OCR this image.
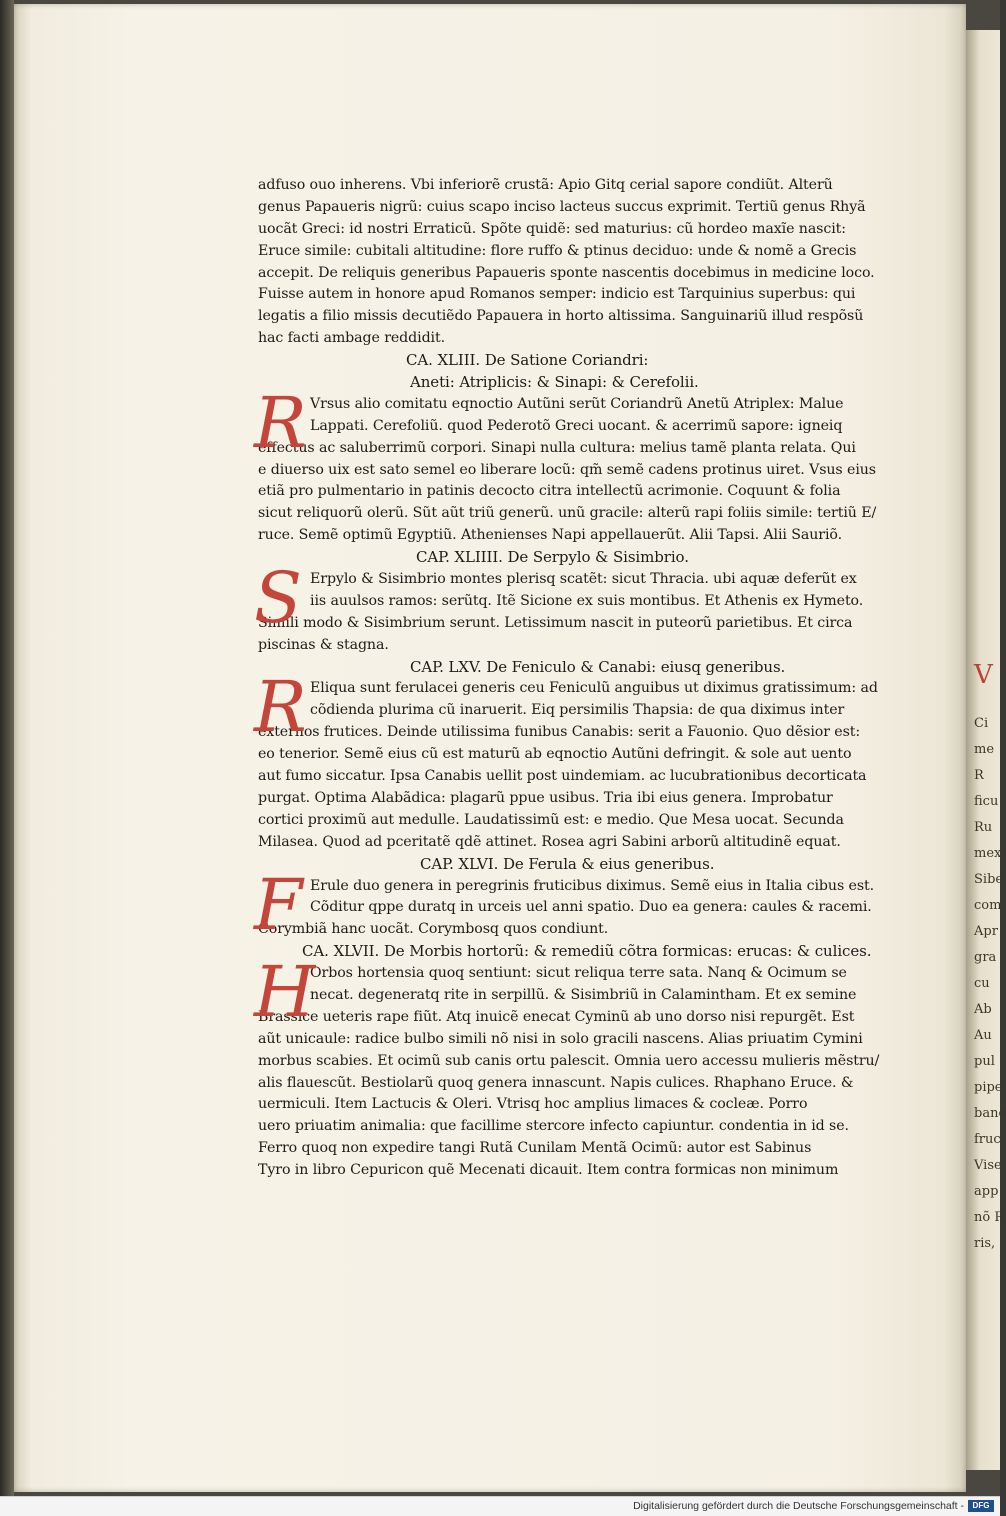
V
Ci
me
R
ficu
Ru
mexi
Sibe
com
Apr
gra
cu
Ab
Au
pul
pipe
bano
fruc
Vise
app
nõ R
ris,
adfuso ouo inherens. Vbi inferiorẽ crustã: Apio Gitq cerial sapore condiũt. Alterũ
genus Papaueris nigrũ: cuius scapo inciso lacteus succus exprimit. Tertiũ genus Rhyã
uocãt Greci: id nostri Erraticũ. Spõte quidẽ: sed maturius: cũ hordeo maxĩe nascit:
Eruce simile: cubitali altitudine: flore ruffo & ptinus deciduo: unde & nomẽ a Grecis
accepit. De reliquis generibus Papaueris sponte nascentis docebimus in medicine loco.
Fuisse autem in honore apud Romanos semper: indicio est Tarquinius superbus: qui
legatis a filio missis decutiẽdo Papauera in horto altissima. Sanguinariũ illud respõsũ
hac facti ambage reddidit.
CA. XLIII. De Satione Coriandri:
Aneti: Atriplicis: & Sinapi: & Cerefolii.
R Vrsus alio comitatu eqnoctio Autũni serũt Coriandrũ Anetũ Atriplex: Malue
Lappati. Cerefoliũ. quod Pederotõ Greci uocant. & acerrimũ sapore: igneiq
effectus ac saluberrimũ corpori. Sinapi nulla cultura: melius tamẽ planta relata. Qui
e diuerso uix est sato semel eo liberare locũ: qm̃ semẽ cadens protinus uiret. Vsus eius
etiã pro pulmentario in patinis decocto citra intellectũ acrimonie. Coquunt & folia
sicut reliquorũ olerũ. Sũt aũt triũ generũ. unũ gracile: alterũ rapi foliis simile: tertiũ E/
ruce. Semẽ optimũ Egyptiũ. Athenienses Napi appellauerũt. Alii Tapsi. Alii Sauriõ.
CAP. XLIIII. De Serpylo & Sisimbrio.
S Erpylo & Sisimbrio montes plerisq scatẽt: sicut Thracia. ubi aquæ deferũt ex
iis auulsos ramos: serũtq. Itẽ Sicione ex suis montibus. Et Athenis ex Hymeto.
Simili modo & Sisimbrium serunt. Letissimum nascit in puteorũ parietibus. Et circa
piscinas & stagna.
CAP. LXV. De Feniculo & Canabi: eiusq generibus.
R Eliqua sunt ferulacei generis ceu Feniculũ anguibus ut diximus gratissimum: ad
cõdienda plurima cũ inaruerit. Eiq persimilis Thapsia: de qua diximus inter
externos frutices. Deinde utilissima funibus Canabis: serit a Fauonio. Quo dẽsior est:
eo tenerior. Semẽ eius cũ est maturũ ab eqnoctio Autũni defringit. & sole aut uento
aut fumo siccatur. Ipsa Canabis uellit post uindemiam. ac lucubrationibus decorticata
purgat. Optima Alabãdica: plagarũ ppue usibus. Tria ibi eius genera. Improbatur
cortici proximũ aut medulle. Laudatissimũ est: e medio. Que Mesa uocat. Secunda
Milasea. Quod ad pceritatẽ qdẽ attinet. Rosea agri Sabini arborũ altitudinẽ equat.
CAP. XLVI. De Ferula & eius generibus.
F Erule duo genera in peregrinis fruticibus diximus. Semẽ eius in Italia cibus est.
Cõditur qppe duratq in urceis uel anni spatio. Duo ea genera: caules & racemi.
Corymbiã hanc uocãt. Corymbosq quos condiunt.
CA. XLVII. De Morbis hortorũ: & remediũ cõtra formicas: erucas: & culices.
H
Orbos hortensia quoq sentiunt: sicut reliqua terre sata. Nanq & Ocimum se
necat. degeneratq rite in serpillũ. & Sisimbriũ in Calamintham. Et ex semine
Brassice ueteris rape fiũt. Atq inuicẽ enecat Cyminũ ab uno dorso nisi repurgẽt. Est
aũt unicaule: radice bulbo simili nõ nisi in solo gracili nascens. Alias priuatim Cymini
morbus scabies. Et ocimũ sub canis ortu palescit. Omnia uero accessu mulieris mẽstru/
alis flauescũt. Bestiolarũ quoq genera innascunt. Napis culices. Rhaphano Eruce. &
uermiculi. Item Lactucis & Oleri. Vtrisq hoc amplius limaces & cocleæ. Porro
uero priuatim animalia: que facillime stercore infecto capiuntur. condentia in id se.
Ferro quoq non expedire tangi Rutã Cunilam Mentã Ocimũ: autor est Sabinus
Tyro in libro Cepuricon quẽ Mecenati dicauit. Item contra formicas non minimum
Digitalisierung gefördert durch die Deutsche Forschungsgemeinschaft -	DFG
